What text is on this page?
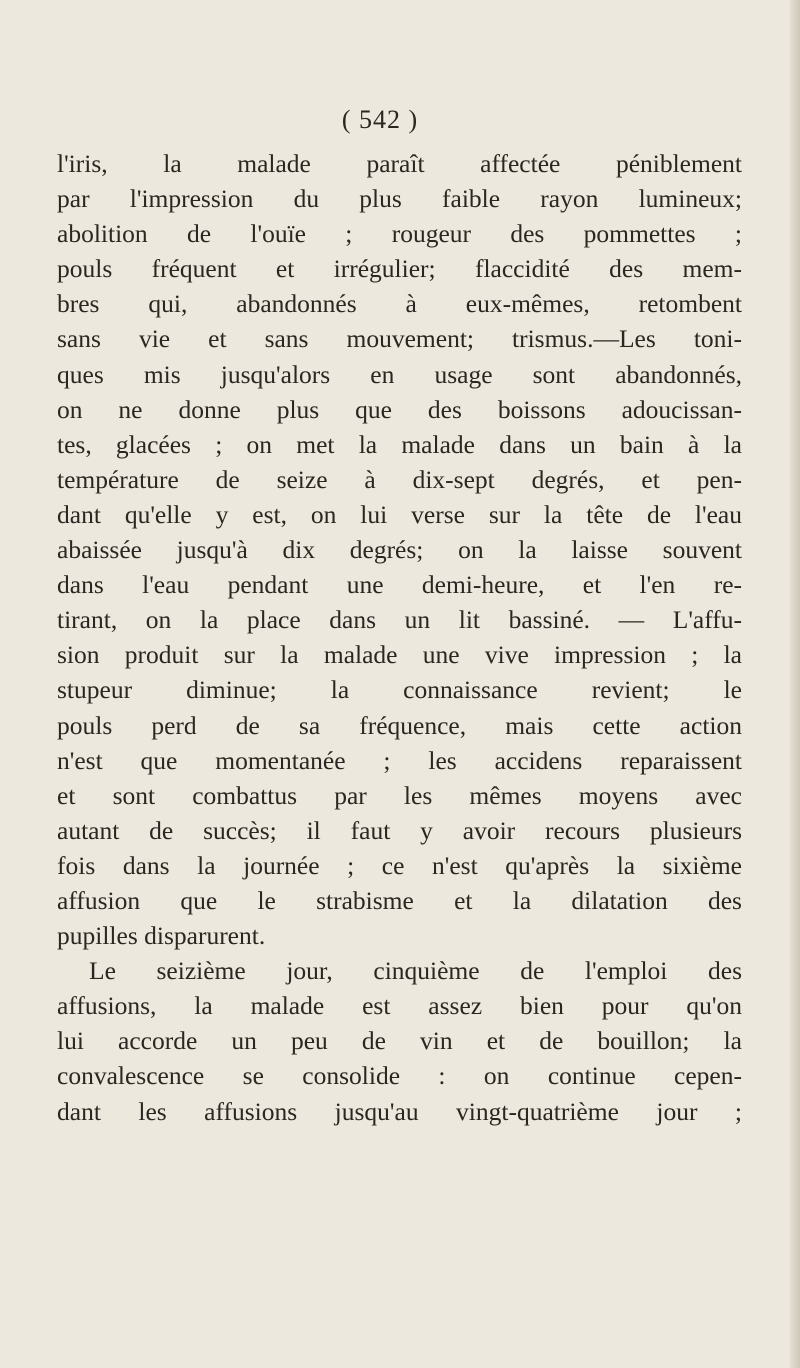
( 542 )
l'iris, la malade paraît affectée péniblement
par l'impression du plus faible rayon lumineux;
abolition de l'ouïe ; rougeur des pommettes ;
pouls fréquent et irrégulier; flaccidité des mem-
bres qui, abandonnés à eux-mêmes, retombent
sans vie et sans mouvement; trismus.—Les toni-
ques mis jusqu'alors en usage sont abandonnés,
on ne donne plus que des boissons adoucissan-
tes, glacées ; on met la malade dans un bain à la
température de seize à dix-sept degrés, et pen-
dant qu'elle y est, on lui verse sur la tête de l'eau
abaissée jusqu'à dix degrés; on la laisse souvent
dans l'eau pendant une demi-heure, et l'en re-
tirant, on la place dans un lit bassiné. — L'affu-
sion produit sur la malade une vive impression ; la
stupeur diminue; la connaissance revient; le
pouls perd de sa fréquence, mais cette action
n'est que momentanée ; les accidens reparaissent
et sont combattus par les mêmes moyens avec
autant de succès; il faut y avoir recours plusieurs
fois dans la journée ; ce n'est qu'après la sixième
affusion que le strabisme et la dilatation des
pupilles disparurent.
Le seizième jour, cinquième de l'emploi des
affusions, la malade est assez bien pour qu'on
lui accorde un peu de vin et de bouillon; la
convalescence se consolide : on continue cepen-
dant les affusions jusqu'au vingt-quatrième jour ;
